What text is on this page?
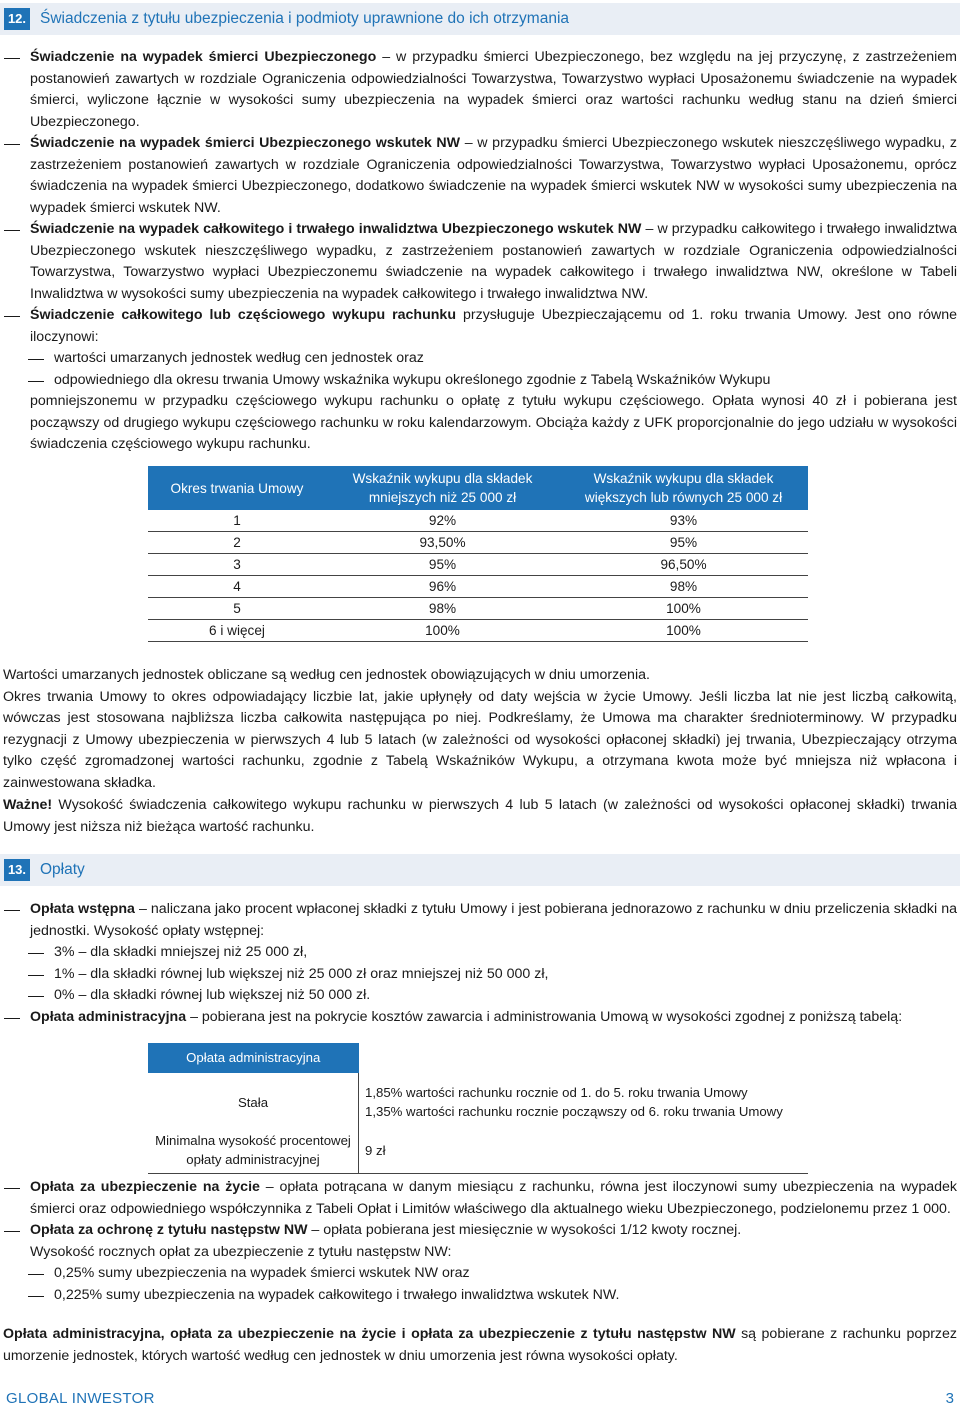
12. Świadczenia z tytułu ubezpieczenia i podmioty uprawnione do ich otrzymania
Świadczenie na wypadek śmierci Ubezpieczonego – w przypadku śmierci Ubezpieczonego, bez względu na jej przyczynę, z zastrzeżeniem postanowień zawartych w rozdziale Ograniczenia odpowiedzialności Towarzystwa, Towarzystwo wypłaci Uposażonemu świadczenie na wypadek śmierci, wyliczone łącznie w wysokości sumy ubezpieczenia na wypadek śmierci oraz wartości rachunku według stanu na dzień śmierci Ubezpieczonego.
Świadczenie na wypadek śmierci Ubezpieczonego wskutek NW – w przypadku śmierci Ubezpieczonego wskutek nieszczęśliwego wypadku, z zastrzeżeniem postanowień zawartych w rozdziale Ograniczenia odpowiedzialności Towarzystwa, Towarzystwo wypłaci Uposażonemu, oprócz świadczenia na wypadek śmierci Ubezpieczonego, dodatkowo świadczenie na wypadek śmierci wskutek NW w wysokości sumy ubezpieczenia na wypadek śmierci wskutek NW.
Świadczenie na wypadek całkowitego i trwałego inwalidztwa Ubezpieczonego wskutek NW – w przypadku całkowitego i trwałego inwalidztwa Ubezpieczonego wskutek nieszczęśliwego wypadku, z zastrzeżeniem postanowień zawartych w rozdziale Ograniczenia odpowiedzialności Towarzystwa, Towarzystwo wypłaci Ubezpieczonemu świadczenie na wypadek całkowitego i trwałego inwalidztwa NW, określone w Tabeli Inwalidztwa w wysokości sumy ubezpieczenia na wypadek całkowitego i trwałego inwalidztwa NW.
Świadczenie całkowitego lub częściowego wykupu rachunku przysługuje Ubezpieczającemu od 1. roku trwania Umowy. Jest ono równe iloczynowi:
wartości umarzanych jednostek według cen jednostek oraz
odpowiedniego dla okresu trwania Umowy wskaźnika wykupu określonego zgodnie z Tabelą Wskaźników Wykupu
pomniejszonemu w przypadku częściowego wykupu rachunku o opłatę z tytułu wykupu częściowego. Opłata wynosi 40 zł i pobierana jest począwszy od drugiego wykupu częściowego rachunku w roku kalendarzowym. Obciąża każdy z UFK proporcjonalnie do jego udziału w wysokości świadczenia częściowego wykupu rachunku.
Okres trwania Umowy	Wskaźnik wykupu dla składek mniejszych niż 25 000 zł	Wskaźnik wykupu dla składek większych lub równych 25 000 zł
1	92%	93%
2	93,50%	95%
3	95%	96,50%
4	96%	98%
5	98%	100%
6 i więcej	100%	100%
Wartości umarzanych jednostek obliczane są według cen jednostek obowiązujących w dniu umorzenia.
Okres trwania Umowy to okres odpowiadający liczbie lat, jakie upłynęły od daty wejścia w życie Umowy. Jeśli liczba lat nie jest liczbą całkowitą, wówczas jest stosowana najbliższa liczba całkowita następująca po niej. Podkreślamy, że Umowa ma charakter średnioterminowy. W przypadku rezygnacji z Umowy ubezpieczenia w pierwszych 4 lub 5 latach (w zależności od wysokości opłaconej składki) jej trwania, Ubezpieczający otrzyma tylko część zgromadzonej wartości rachunku, zgodnie z Tabelą Wskaźników Wykupu, a otrzymana kwota może być mniejsza niż wpłacona i zainwestowana składka.
Ważne! Wysokość świadczenia całkowitego wykupu rachunku w pierwszych 4 lub 5 latach (w zależności od wysokości opłaconej składki) trwania Umowy jest niższa niż bieżąca wartość rachunku.
13. Opłaty
Opłata wstępna – naliczana jako procent wpłaconej składki z tytułu Umowy i jest pobierana jednorazowo z rachunku w dniu przeliczenia składki na jednostki. Wysokość opłaty wstępnej:
3% – dla składki mniejszej niż 25 000 zł,
1% – dla składki równej lub większej niż 25 000 zł oraz mniejszej niż 50 000 zł,
0% – dla składki równej lub większej niż 50 000 zł.
Opłata administracyjna – pobierana jest na pokrycie kosztów zawarcia i administrowania Umową w wysokości zgodnej z poniższą tabelą:
Opłata administracyjna	
Stała	1,85% wartości rachunku rocznie od 1. do 5. roku trwania Umowy
1,35% wartości rachunku rocznie począwszy od 6. roku trwania Umowy

Minimalna wysokość procentowej opłaty administracyjnej	9 zł
Opłata za ubezpieczenie na życie – opłata potrącana w danym miesiącu z rachunku, równa jest iloczynowi sumy ubezpieczenia na wypadek śmierci oraz odpowiedniego współczynnika z Tabeli Opłat i Limitów właściwego dla aktualnego wieku Ubezpieczonego, podzielonemu przez 1 000.
Opłata za ochronę z tytułu następstw NW – opłata pobierana jest miesięcznie w wysokości 1/12 kwoty rocznej.
Wysokość rocznych opłat za ubezpieczenie z tytułu następstw NW:
0,25% sumy ubezpieczenia na wypadek śmierci wskutek NW oraz
0,225% sumy ubezpieczenia na wypadek całkowitego i trwałego inwalidztwa wskutek NW.
Opłata administracyjna, opłata za ubezpieczenie na życie i opłata za ubezpieczenie z tytułu następstw NW są pobierane z rachunku poprzez umorzenie jednostek, których wartość według cen jednostek w dniu umorzenia jest równa wysokości opłaty.
GLOBAL INWESTOR	3
